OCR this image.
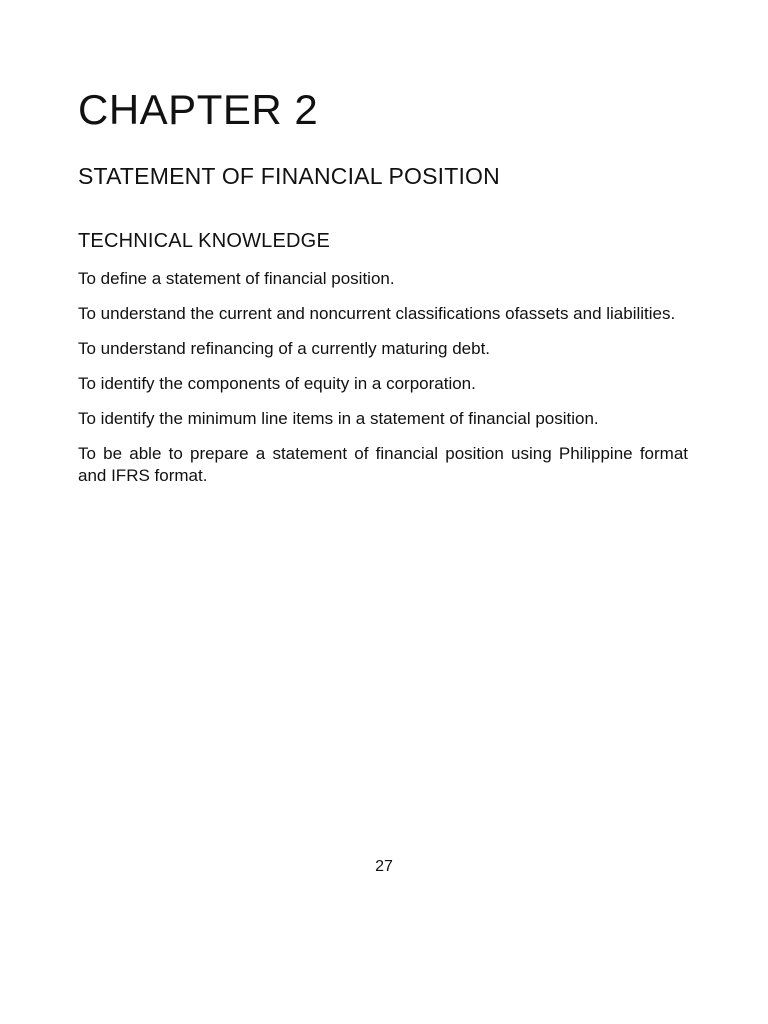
CHAPTER 2
STATEMENT OF FINANCIAL POSITION
TECHNICAL KNOWLEDGE
To define a statement of financial position.
To understand the current and noncurrent classifications ofassets and liabilities.
To understand refinancing of a currently maturing debt.
To identify the components of equity in a corporation.
To identify the minimum line items in a statement of financial position.
To be able to prepare a statement of financial position using Philippine format and IFRS format.
27
